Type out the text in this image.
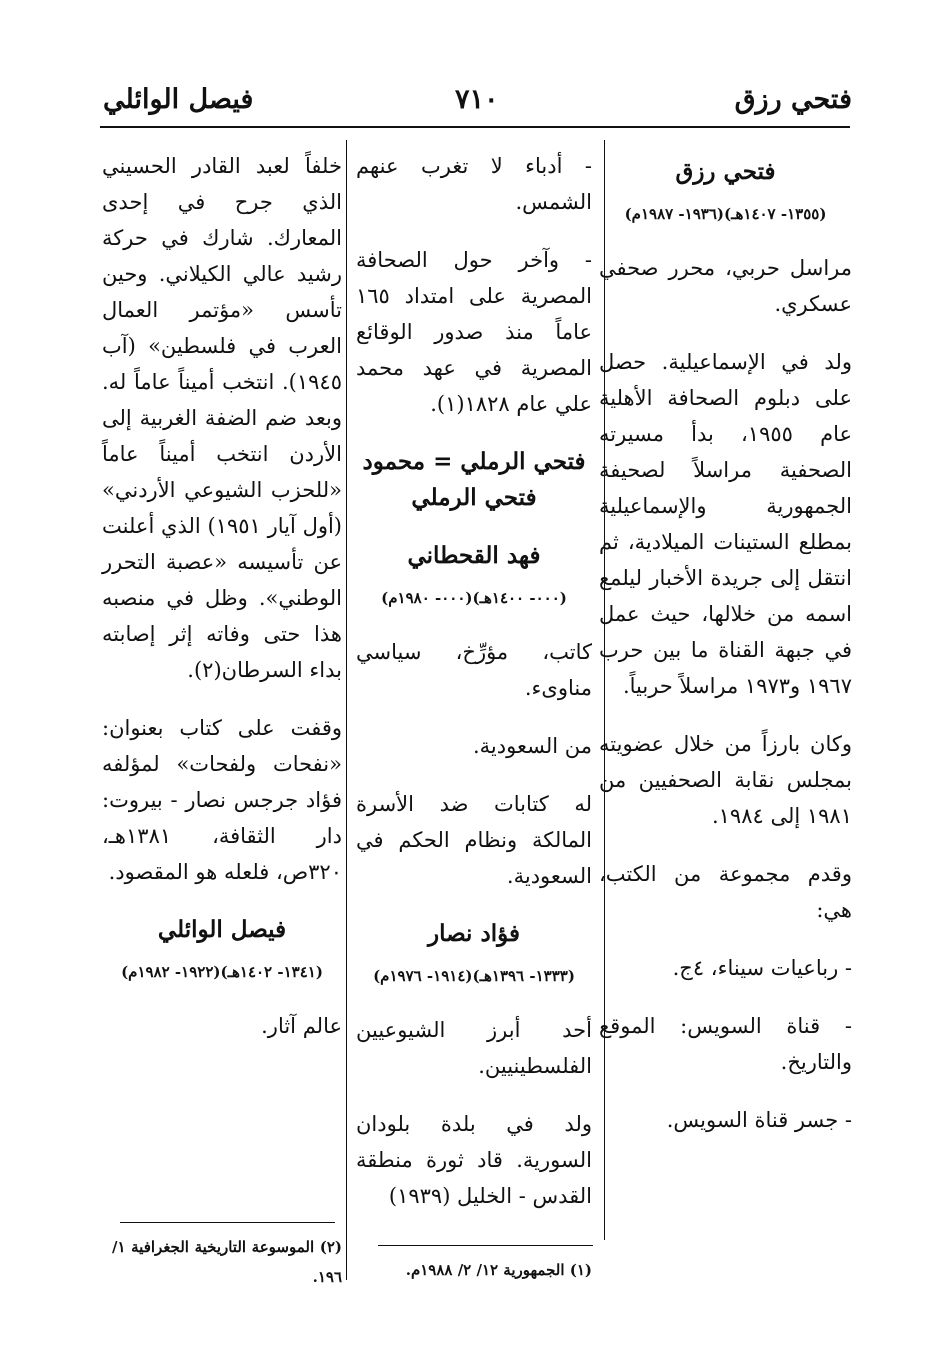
فتحي رزق
٧١٠
فيصل الوائلي
فتحي رزق
(١٣٥٥- ١٤٠٧هـ)(١٩٣٦- ١٩٨٧م)

مراسل حربي، محرر صحفي عسكري.

ولد في الإسماعيلية. حصل على دبلوم الصحافة الأهلية عام ١٩٥٥، بدأ مسيرته الصحفية مراسلاً لصحيفة الجمهورية والإسماعيلية بمطلع الستينات الميلادية، ثم انتقل إلى جريدة الأخبار ليلمع اسمه من خلالها، حيث عمل في جبهة القناة ما بين حرب ١٩٦٧ و١٩٧٣ مراسلاً حربياً.

وكان بارزاً من خلال عضويته بمجلس نقابة الصحفيين من ١٩٨١ إلى ١٩٨٤.

وقدم مجموعة من الكتب، هي:

- رباعيات سيناء، ٤ج.

- قناة السويس: الموقع والتاريخ.

- جسر قناة السويس.

- أدباء لا تغرب عنهم الشمس.

- وآخر حول الصحافة المصرية على امتداد ١٦٥ عاماً منذ صدور الوقائع المصرية في عهد محمد علي عام ١٨٢٨(١).

فتحي الرملي = محمود فتحي الرملي
فهد القحطاني
(٠٠٠- ١٤٠٠هـ)(٠٠٠- ١٩٨٠م)

كاتب، مؤرِّخ، سياسي مناوىء.

من السعودية.

له كتابات ضد الأسرة المالكة ونظام الحكم في السعودية.

فؤاد نصار
(١٣٣٣- ١٣٩٦هـ)(١٩١٤- ١٩٧٦م)

أحد أبرز الشيوعيين الفلسطينيين.

ولد في بلدة بلودان السورية. قاد ثورة منطقة القدس - الخليل (١٩٣٩)

خلفاً لعبد القادر الحسيني الذي جرح في إحدى المعارك. شارك في حركة رشيد عالي الكيلاني. وحين تأسس «مؤتمر العمال العرب في فلسطين» (آب ١٩٤٥). انتخب أميناً عاماً له. وبعد ضم الضفة الغربية إلى الأردن انتخب أميناً عاماً «للحزب الشيوعي الأردني» (أول آيار ١٩٥١) الذي أعلنت عن تأسيسه «عصبة التحرر الوطني». وظل في منصبه هذا حتى وفاته إثر إصابته بداء السرطان(٢).

وقفت على كتاب بعنوان: «نفحات ولفحات» لمؤلفه فؤاد جرجس نصار - بيروت: دار الثقافة، ١٣٨١هـ، ٣٢٠ص، فلعله هو المقصود.

فيصل الوائلي
(١٣٤١- ١٤٠٢هـ)(١٩٢٢- ١٩٨٢م)

عالم آثار.

(١) الجمهورية ١٢/ ٢/ ١٩٨٨م.
(٢) الموسوعة التاريخية الجغرافية ١/ ١٩٦.
